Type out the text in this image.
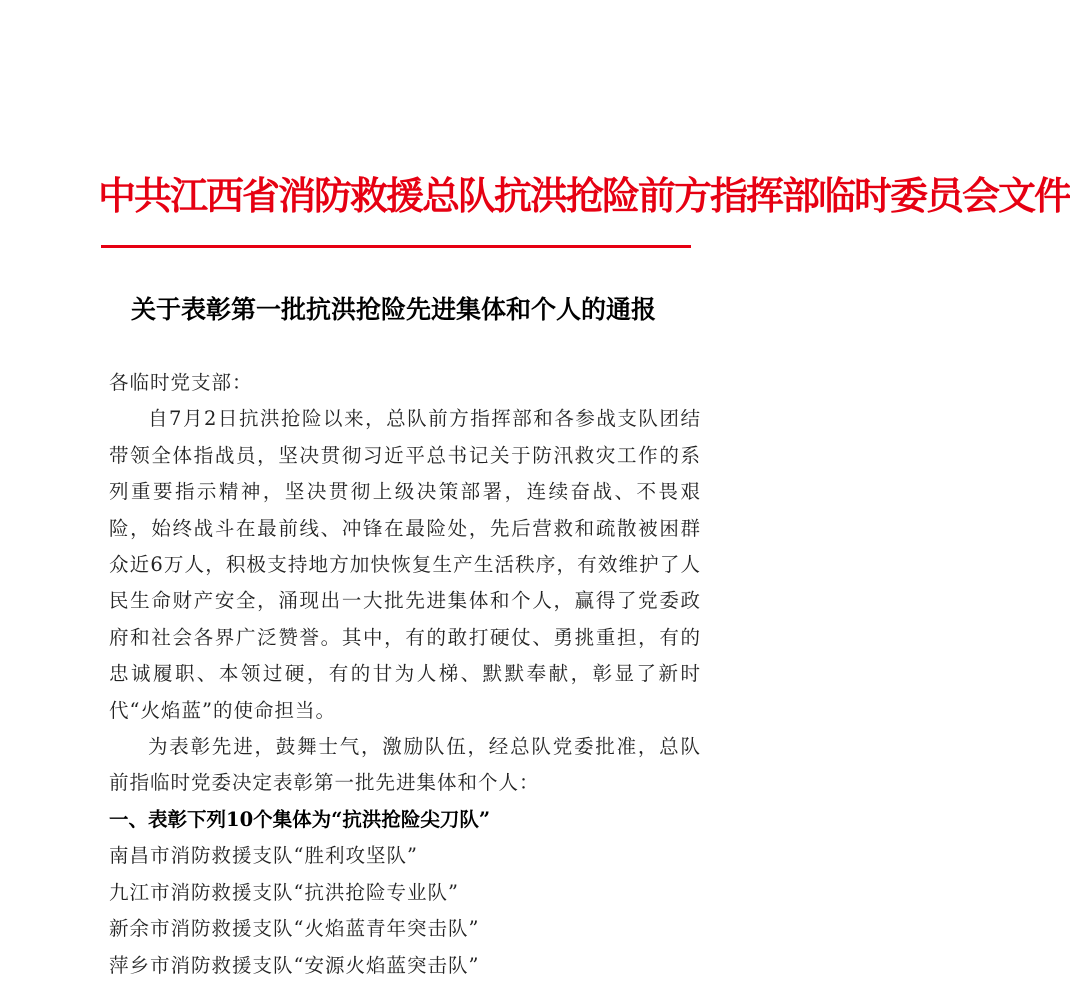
中共江西省消防救援总队抗洪抢险前方指挥部临时委员会文件
关于表彰第一批抗洪抢险先进集体和个人的通报

各临时党支部：

自7月2日抗洪抢险以来，总队前方指挥部和各参战支队团结带领全体指战员，坚决贯彻习近平总书记关于防汛救灾工作的系列重要指示精神，坚决贯彻上级决策部署，连续奋战、不畏艰险，始终战斗在最前线、冲锋在最险处，先后营救和疏散被困群众近6万人，积极支持地方加快恢复生产生活秩序，有效维护了人民生命财产安全，涌现出一大批先进集体和个人，赢得了党委政府和社会各界广泛赞誉。其中，有的敢打硬仗、勇挑重担，有的忠诚履职、本领过硬，有的甘为人梯、默默奉献，彰显了新时代“火焰蓝”的使命担当。

为表彰先进，鼓舞士气，激励队伍，经总队党委批准，总队前指临时党委决定表彰第一批先进集体和个人：

一、表彰下列10个集体为“抗洪抢险尖刀队”

南昌市消防救援支队“胜利攻坚队”

九江市消防救援支队“抗洪抢险专业队”

新余市消防救援支队“火焰蓝青年突击队”

萍乡市消防救援支队“安源火焰蓝突击队”
